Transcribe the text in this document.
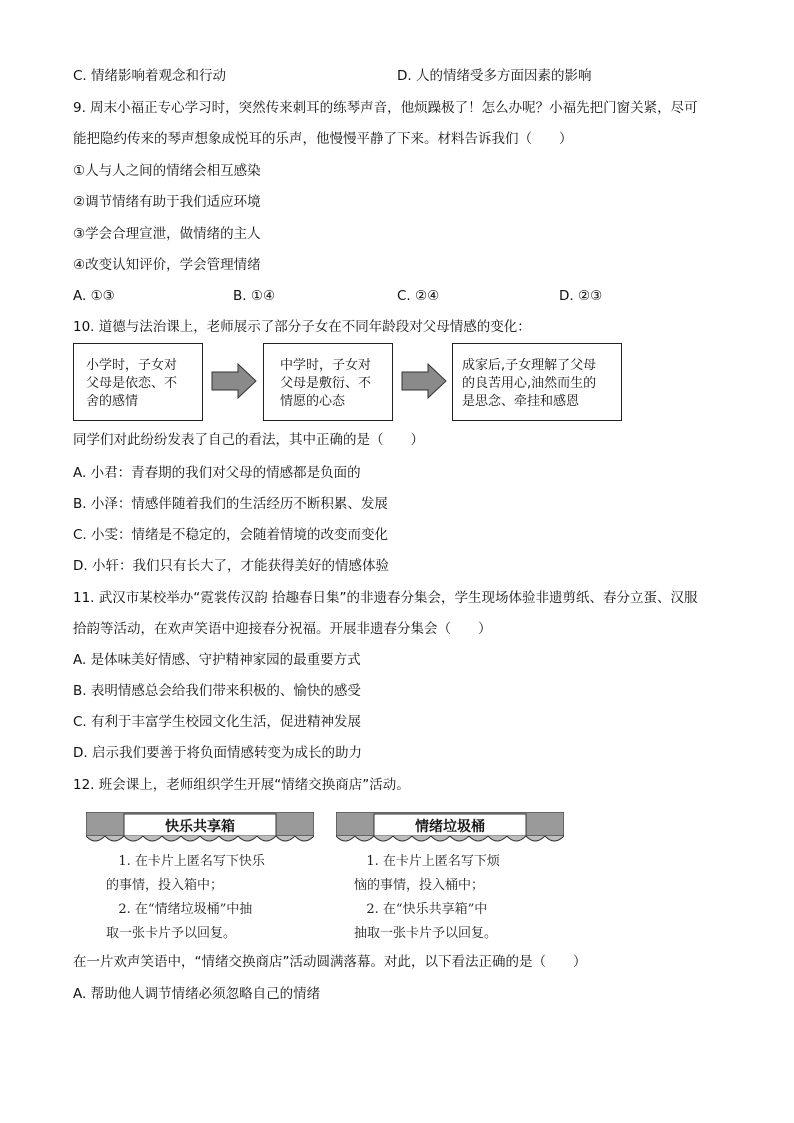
C. 情绪影响着观念和行动	D. 人的情绪受多方面因素的影响
9. 周末小福正专心学习时，突然传来刺耳的练琴声音，他烦躁极了！怎么办呢？小福先把门窗关紧，尽可
能把隐约传来的琴声想象成悦耳的乐声，他慢慢平静了下来。材料告诉我们（　　）
①人与人之间的情绪会相互感染
②调节情绪有助于我们适应环境
③学会合理宣泄，做情绪的主人
④改变认知评价，学会管理情绪
A. ①③	B. ①④	C. ②④	D. ②③
10. 道德与法治课上，老师展示了部分子女在不同年龄段对父母情感的变化：
小学时，子女对
父母是依恋、不
舍的感情
中学时，子女对
父母是敷衍、不
情愿的心态
成家后,子女理解了父母
的良苦用心,油然而生的
是思念、牵挂和感恩
同学们对此纷纷发表了自己的看法，其中正确的是（　　）
A. 小君：青春期的我们对父母的情感都是负面的
B. 小泽：情感伴随着我们的生活经历不断积累、发展
C. 小雯：情绪是不稳定的，会随着情境的改变而变化
D. 小轩：我们只有长大了，才能获得美好的情感体验
11. 武汉市某校举办“霓裳传汉韵 拾趣春日集”的非遗春分集会，学生现场体验非遗剪纸、春分立蛋、汉服
拾韵等活动，在欢声笑语中迎接春分祝福。开展非遗春分集会（　　）
A. 是体味美好情感、守护精神家园的最重要方式
B. 表明情感总会给我们带来积极的、愉快的感受
C. 有利于丰富学生校园文化生活，促进精神发展
D. 启示我们要善于将负面情感转变为成长的助力
12. 班会课上，老师组织学生开展“情绪交换商店”活动。
快乐共享箱
1. 在卡片上匿名写下快乐
的事情，投入箱中；
2. 在“情绪垃圾桶”中抽
取一张卡片予以回复。
情绪垃圾桶
1. 在卡片上匿名写下烦
恼的事情，投入桶中；
2. 在“快乐共享箱”中
抽取一张卡片予以回复。
在一片欢声笑语中，“情绪交换商店”活动圆满落幕。对此，以下看法正确的是（　　）
A. 帮助他人调节情绪必须忽略自己的情绪
